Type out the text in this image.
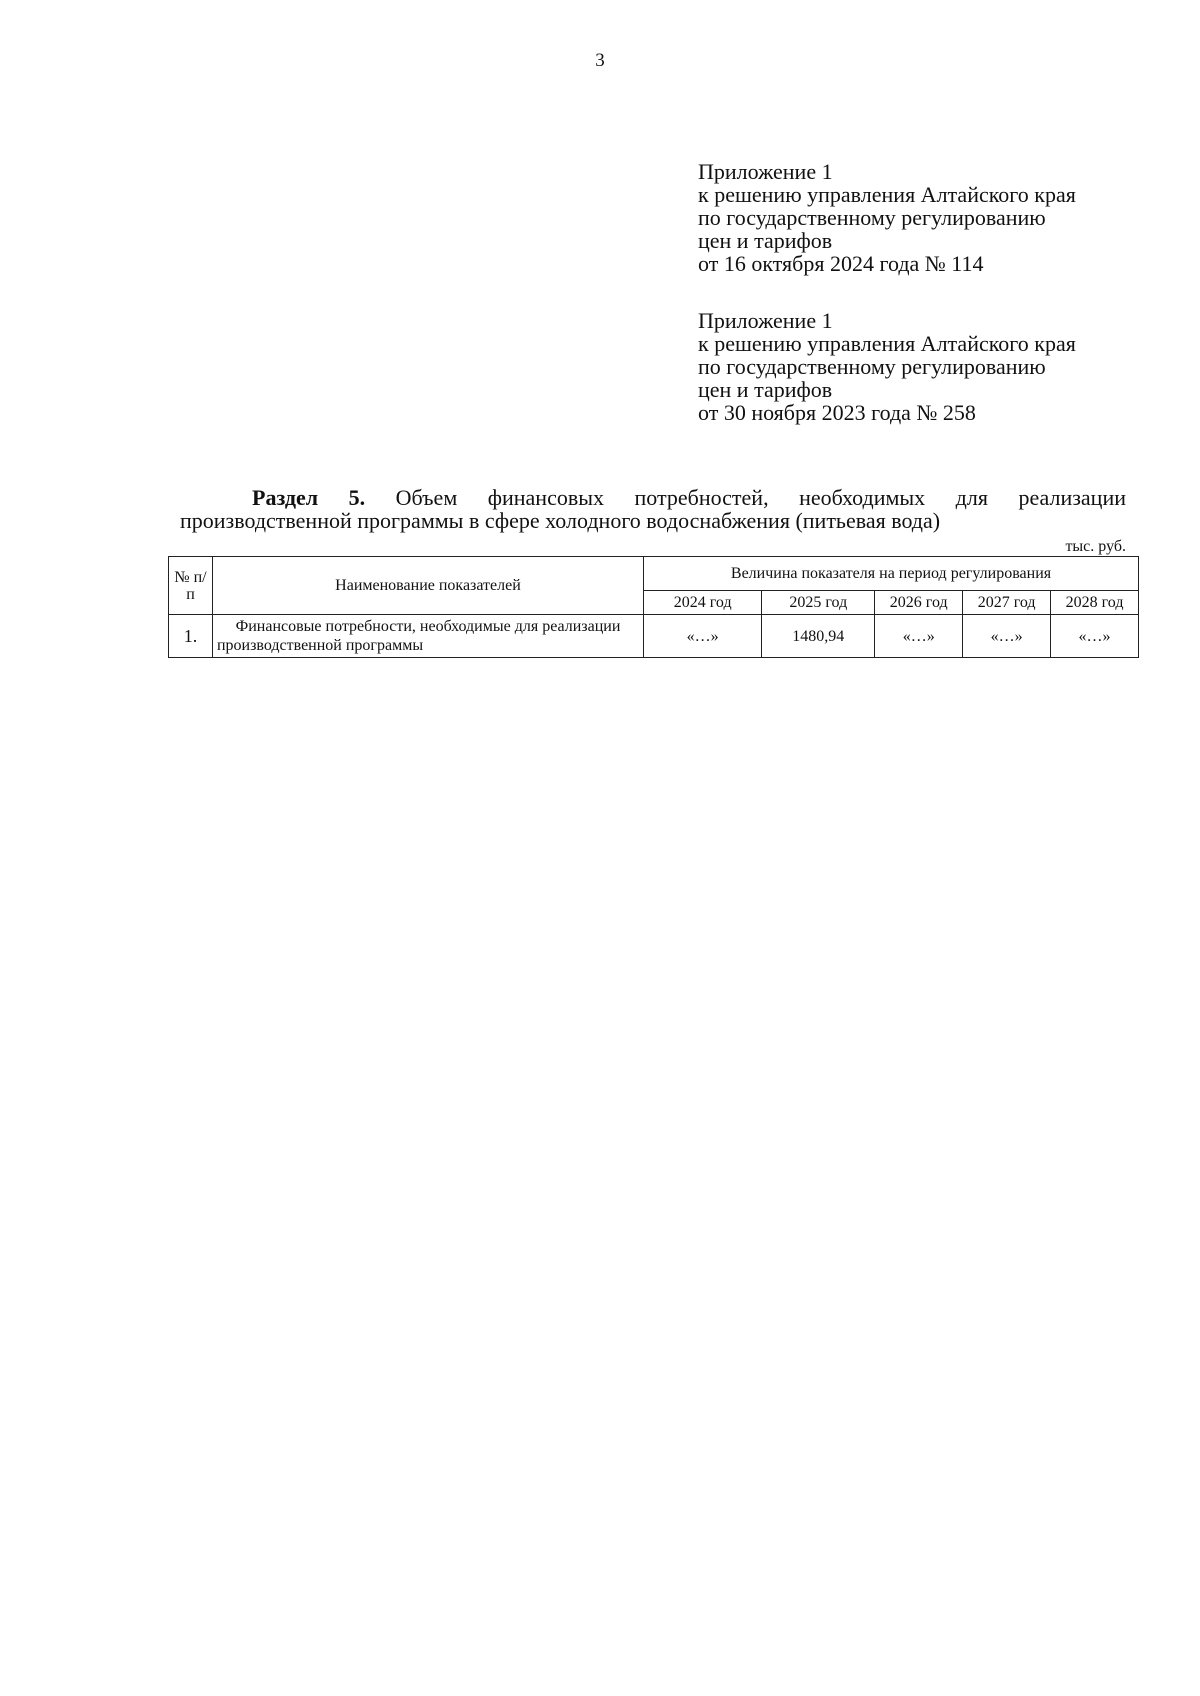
3
Приложение 1
к решению управления Алтайского края
по государственному регулированию
цен и тарифов
от 16 октября 2024 года № 114
Приложение 1
к решению управления Алтайского края
по государственному регулированию
цен и тарифов
от 30 ноября 2023 года № 258
Раздел 5. Объем финансовых потребностей, необходимых для реализации
производственной программы в сфере холодного водоснабжения (питьевая вода)
тыс. руб.
№ п/п	Наименование показателей	Величина показателя на период регулирования				
		2024 год	2025 год	2026 год	2027 год	2028 год
1.	Финансовые потребности, необходимые для реализации производственной программы	«…»	1480,94	«…»	«…»	«…»
